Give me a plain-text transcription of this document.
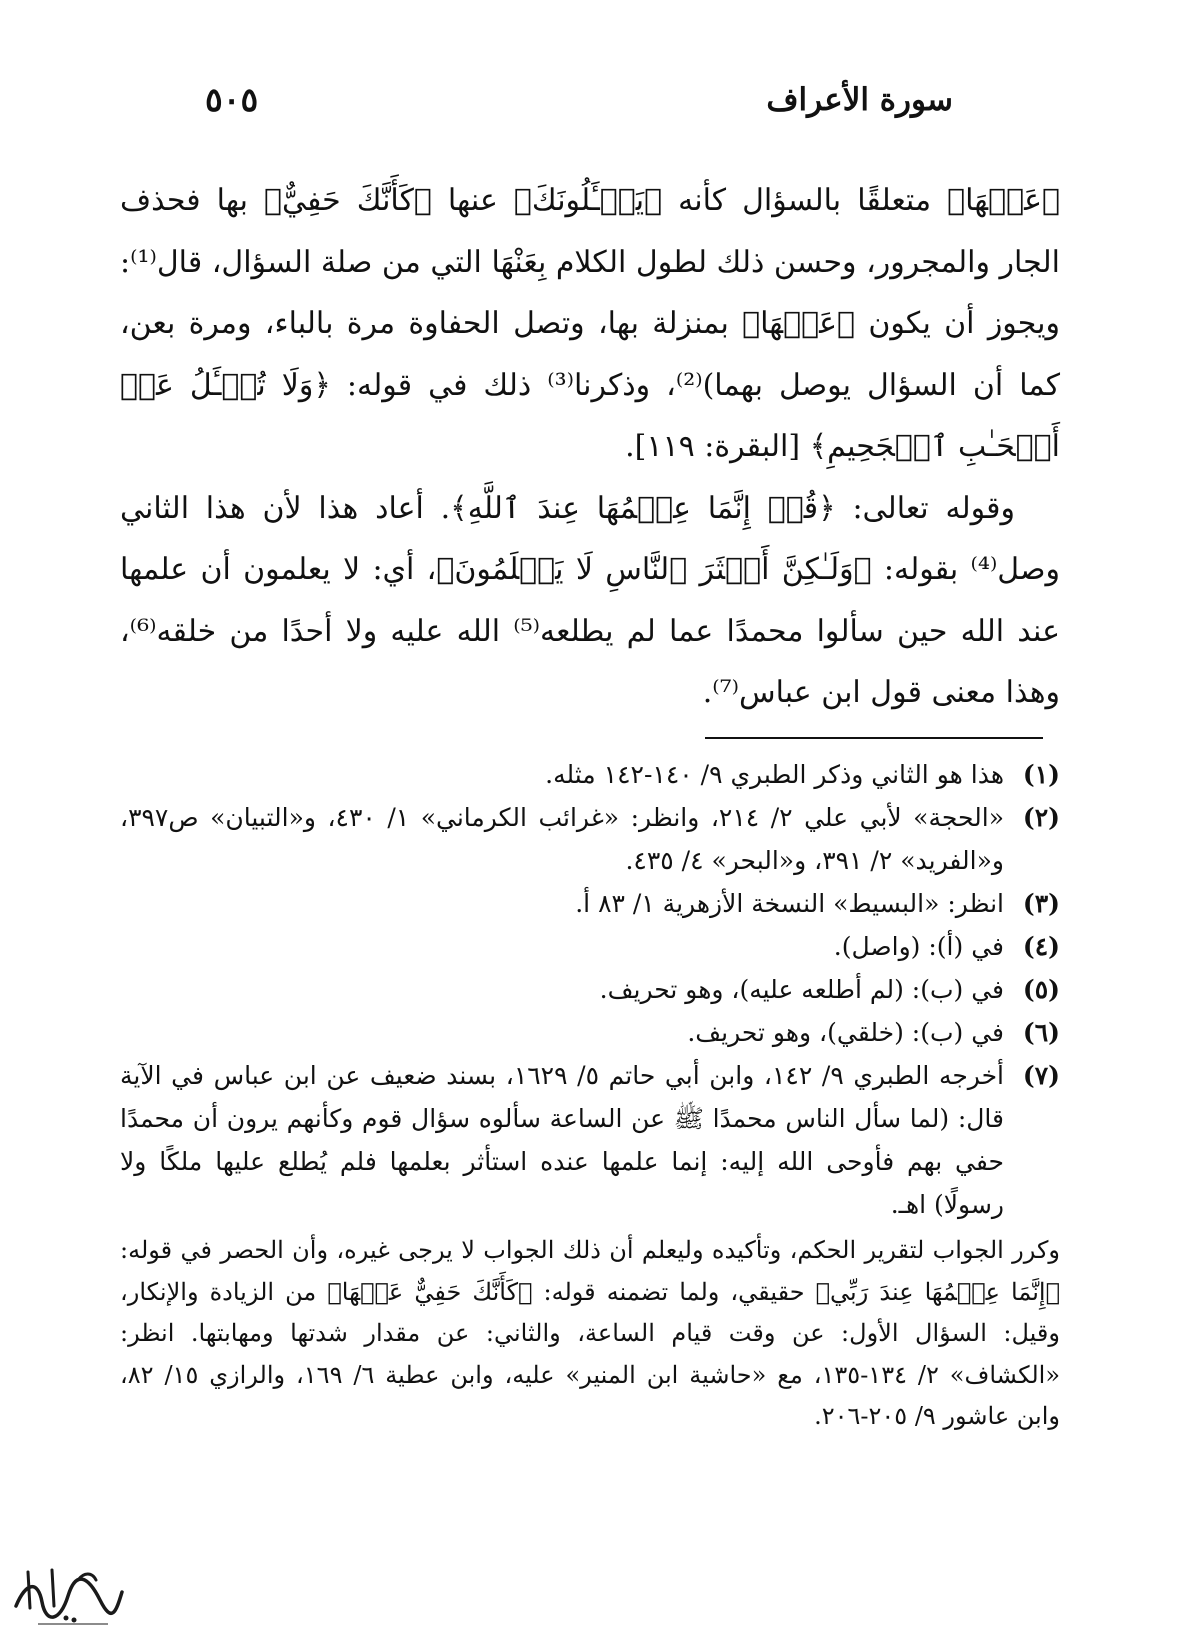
سورة الأعراف
٥٠٥

﴿عَنۡهَا﴾ متعلقًا بالسؤال كأنه ﴿يَسۡـَٔلُونَكَ﴾ عنها ﴿كَأَنَّكَ حَفِيٌّ﴾ بها فحذف الجار والمجرور، وحسن ذلك لطول الكلام بِعَنْهَا التي من صلة السؤال، قال⁽¹⁾: ويجوز أن يكون ﴿عَنۡهَا﴾ بمنزلة بها، وتصل الحفاوة مرة بالباء، ومرة بعن، كما أن السؤال يوصل بهما)⁽²⁾، وذكرنا⁽³⁾ ذلك في قوله: ﴿وَلَا تُسۡـَٔلُ عَنۡ أَصۡحَـٰبِ ٱلۡجَحِيمِ﴾ [البقرة: ١١٩].

وقوله تعالى: ﴿قُلۡ إِنَّمَا عِلۡمُهَا عِندَ ٱللَّهِ﴾. أعاد هذا لأن هذا الثاني وصل⁽⁴⁾ بقوله: ﴿وَلَـٰكِنَّ أَكۡثَرَ ٱلنَّاسِ لَا يَعۡلَمُونَ﴾، أي: لا يعلمون أن علمها عند الله حين سألوا محمدًا عما لم يطلعه⁽⁵⁾ الله عليه ولا أحدًا من خلقه⁽⁶⁾، وهذا معنى قول ابن عباس⁽⁷⁾.

(١)
هذا هو الثاني وذكر الطبري ٩/ ١٤٠-١٤٢ مثله.
(٢)
«الحجة» لأبي علي ٢/ ٢١٤، وانظر: «غرائب الكرماني» ١/ ٤٣٠، و«التبيان» ص٣٩٧، و«الفريد» ٢/ ٣٩١، و«البحر» ٤/ ٤٣٥.
(٣)
انظر: «البسيط» النسخة الأزهرية ١/ ٨٣ أ.
(٤)
في (أ): (واصل).
(٥)
في (ب): (لم أطلعه عليه)، وهو تحريف.
(٦)
في (ب): (خلقي)، وهو تحريف.
(٧)
أخرجه الطبري ٩/ ١٤٢، وابن أبي حاتم ٥/ ١٦٢٩، بسند ضعيف عن ابن عباس في الآية قال: (لما سأل الناس محمدًا ﷺ عن الساعة سألوه سؤال قوم وكأنهم يرون أن محمدًا حفي بهم فأوحى الله إليه: إنما علمها عنده استأثر بعلمها فلم يُطلع عليها ملكًا ولا رسولًا) اهـ.

وكرر الجواب لتقرير الحكم، وتأكيده وليعلم أن ذلك الجواب لا يرجى غيره، وأن الحصر في قوله: ﴿إِنَّمَا عِلۡمُهَا عِندَ رَبِّي﴾ حقيقي، ولما تضمنه قوله: ﴿كَأَنَّكَ حَفِيٌّ عَنۡهَا﴾ من الزيادة والإنكار، وقيل: السؤال الأول: عن وقت قيام الساعة، والثاني: عن مقدار شدتها ومهابتها. انظر: «الكشاف» ٢/ ١٣٤-١٣٥، مع «حاشية ابن المنير» عليه، وابن عطية ٦/ ١٦٩، والرازي ١٥/ ٨٢، وابن عاشور ٩/ ٢٠٥-٢٠٦.
